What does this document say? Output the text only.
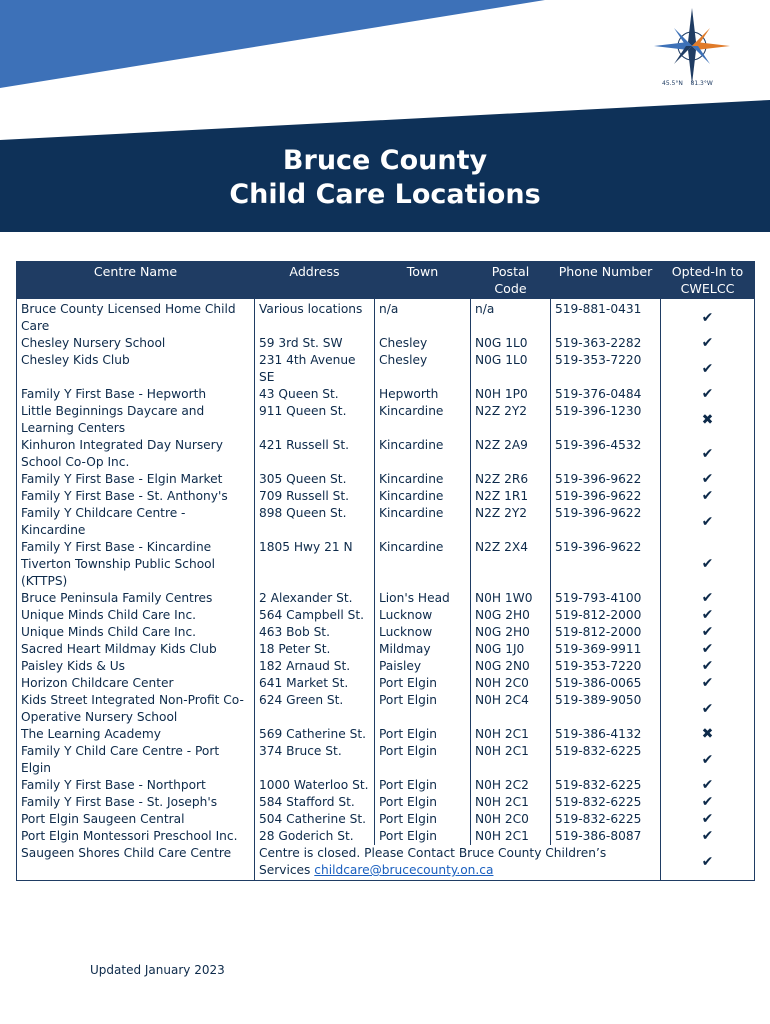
45.5°N 81.3°W
Bruce County
Child Care Locations
Centre Name	Address	Town	Postal Code	Phone Number	Opted-In to CWELCC
Bruce County Licensed Home Child Care	Various locations	n/a	n/a	519-881-0431	✔
Chesley Nursery School	59 3rd St. SW	Chesley	N0G 1L0	519-363-2282	✔
Chesley Kids Club	231 4th Avenue SE	Chesley	N0G 1L0	519-353-7220	✔
Family Y First Base - Hepworth	43 Queen St.	Hepworth	N0H 1P0	519-376-0484	✔
Little Beginnings Daycare and Learning Centers	911 Queen St.	Kincardine	N2Z 2Y2	519-396-1230	✖
Kinhuron Integrated Day Nursery School Co-Op Inc.	421 Russell St.	Kincardine	N2Z 2A9	519-396-4532	✔
Family Y First Base - Elgin Market	305 Queen St.	Kincardine	N2Z 2R6	519-396-9622	✔
Family Y First Base - St. Anthony's	709 Russell St.	Kincardine	N2Z 1R1	519-396-9622	✔
Family Y Childcare Centre - Kincardine	898 Queen St.	Kincardine	N2Z 2Y2	519-396-9622	✔
Family Y First Base - Kincardine Tiverton Township Public School (KTTPS)	1805 Hwy 21 N	Kincardine	N2Z 2X4	519-396-9622	✔
Bruce Peninsula Family Centres	2 Alexander St.	Lion's Head	N0H 1W0	519-793-4100	✔
Unique Minds Child Care Inc.	564 Campbell St.	Lucknow	N0G 2H0	519-812-2000	✔
Unique Minds Child Care Inc.	463 Bob St.	Lucknow	N0G 2H0	519-812-2000	✔
Sacred Heart Mildmay Kids Club	18 Peter St.	Mildmay	N0G 1J0	519-369-9911	✔
Paisley Kids & Us	182 Arnaud St.	Paisley	N0G 2N0	519-353-7220	✔
Horizon Childcare Center	641 Market St.	Port Elgin	N0H 2C0	519-386-0065	✔
Kids Street Integrated Non-Profit Co- Operative Nursery School	624 Green St.	Port Elgin	N0H 2C4	519-389-9050	✔
The Learning Academy	569 Catherine St.	Port Elgin	N0H 2C1	519-386-4132	✖
Family Y Child Care Centre - Port Elgin	374 Bruce St.	Port Elgin	N0H 2C1	519-832-6225	✔
Family Y First Base - Northport	1000 Waterloo St.	Port Elgin	N0H 2C2	519-832-6225	✔
Family Y First Base - St. Joseph's	584 Stafford St.	Port Elgin	N0H 2C1	519-832-6225	✔
Port Elgin Saugeen Central	504 Catherine St.	Port Elgin	N0H 2C0	519-832-6225	✔
Port Elgin Montessori Preschool Inc.	28 Goderich St.	Port Elgin	N0H 2C1	519-386-8087	✔
Saugeen Shores Child Care Centre	Centre is closed. Please Contact Bruce County Children’s Services childcare@brucecounty.on.ca				✔
Updated January 2023
